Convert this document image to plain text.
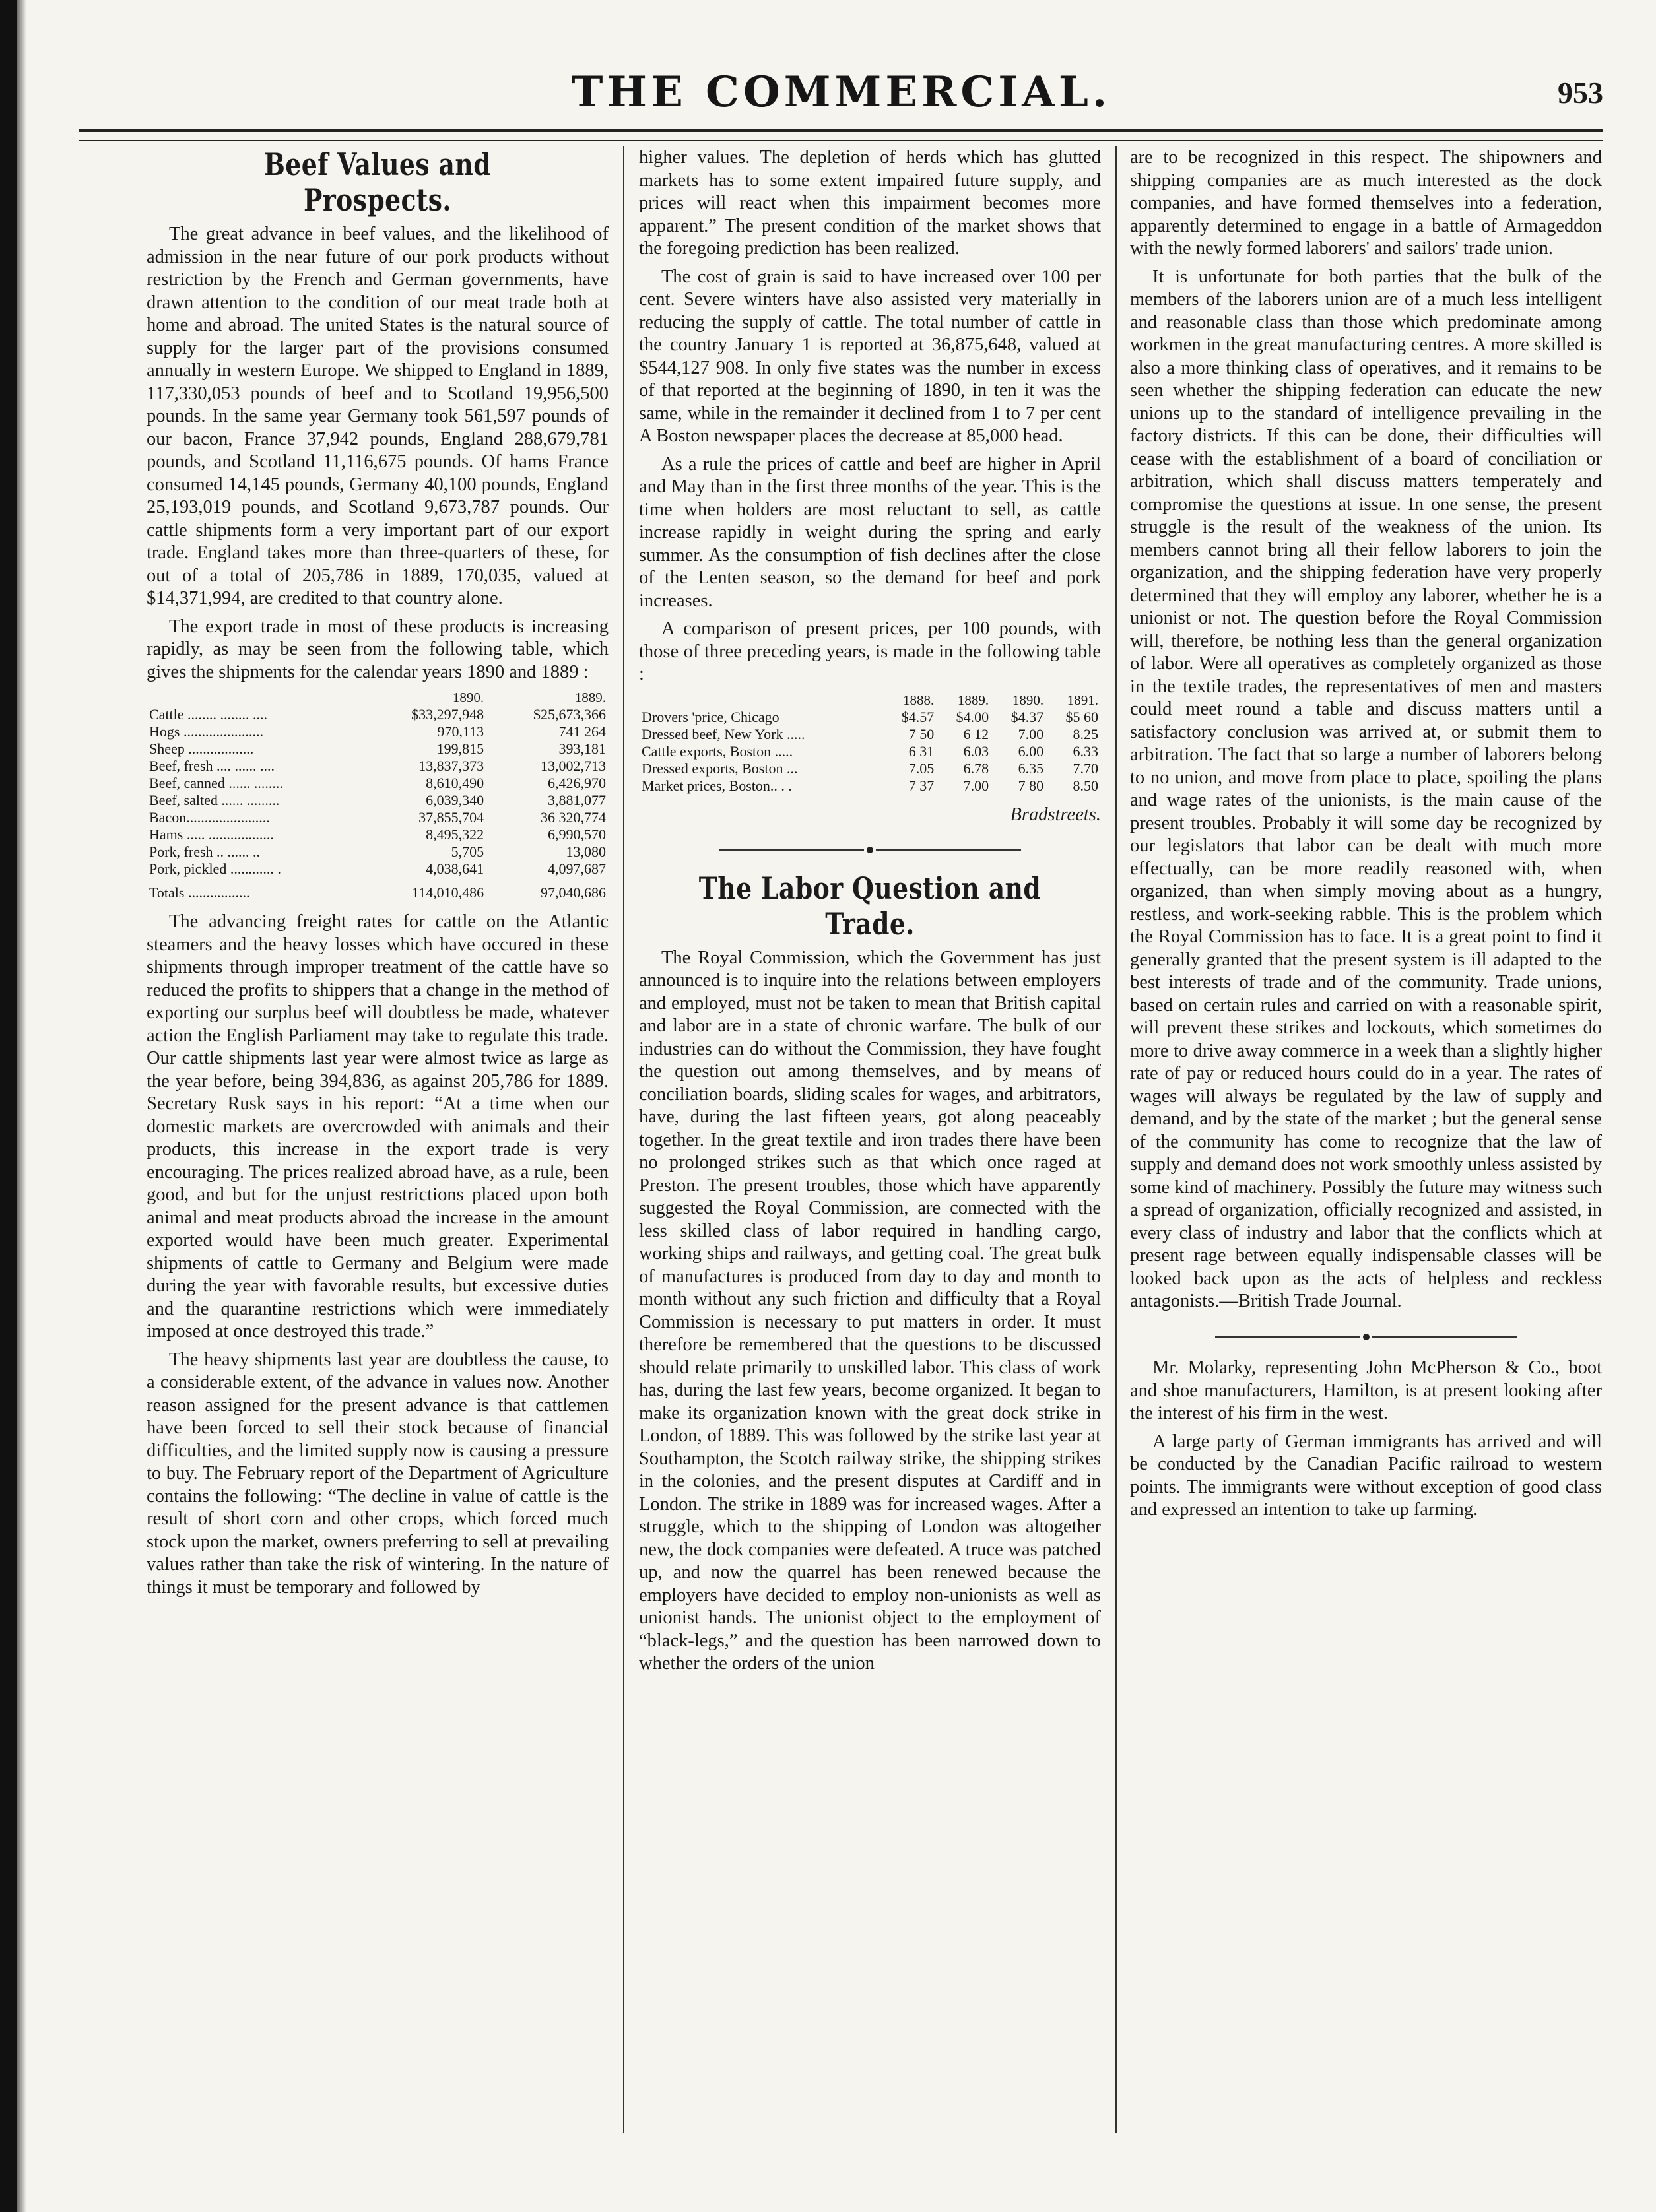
THE COMMERCIAL.	953
Beef Values and Prospects.

The great advance in beef values, and the likelihood of admission in the near future of our pork products without restriction by the French and German governments, have drawn attention to the condition of our meat trade both at home and abroad. The united States is the natural source of supply for the larger part of the provisions consumed annually in western Europe. We shipped to England in 1889, 117,330,053 pounds of beef and to Scotland 19,956,500 pounds. In the same year Germany took 561,597 pounds of our bacon, France 37,942 pounds, England 288,679,781 pounds, and Scotland 11,116,675 pounds. Of hams France consumed 14,145 pounds, Germany 40,100 pounds, England 25,193,019 pounds, and Scotland 9,673,787 pounds. Our cattle shipments form a very important part of our export trade. England takes more than three-quarters of these, for out of a total of 205,786 in 1889, 170,035, valued at $14,371,994, are credited to that country alone.

The export trade in most of these products is increasing rapidly, as may be seen from the following table, which gives the shipments for the calendar years 1890 and 1889 :

	1890.	1889.
Cattle ........ ........ ....	$33,297,948	$25,673,366
Hogs ......................	970,113	741 264
Sheep ..................	199,815	393,181
Beef, fresh .... ...... ....	13,837,373	13,002,713
Beef, canned ...... ........	8,610,490	6,426,970
Beef, salted ...... .........	6,039,340	3,881,077
Bacon.......................	37,855,704	36 320,774
Hams ..... ..................	8,495,322	6,990,570
Pork, fresh .. ...... ..	5,705	13,080
Pork, pickled ............ .	4,038,641	4,097,687
Totals .................	114,010,486	97,040,686

The advancing freight rates for cattle on the Atlantic steamers and the heavy losses which have occured in these shipments through improper treatment of the cattle have so reduced the profits to shippers that a change in the method of exporting our surplus beef will doubtless be made, whatever action the English Parliament may take to regulate this trade. Our cattle shipments last year were almost twice as large as the year before, being 394,836, as against 205,786 for 1889. Secretary Rusk says in his report: “At a time when our domestic markets are overcrowded with animals and their products, this increase in the export trade is very encouraging. The prices realized abroad have, as a rule, been good, and but for the unjust restrictions placed upon both animal and meat products abroad the increase in the amount exported would have been much greater. Experimental shipments of cattle to Germany and Belgium were made during the year with favorable results, but excessive duties and the quarantine restrictions which were immediately imposed at once destroyed this trade.”

The heavy shipments last year are doubtless the cause, to a considerable extent, of the advance in values now. Another reason assigned for the present advance is that cattlemen have been forced to sell their stock because of financial difficulties, and the limited supply now is causing a pressure to buy. The February report of the Department of Agriculture contains the following: “The decline in value of cattle is the result of short corn and other crops, which forced much stock upon the market, owners preferring to sell at prevailing values rather than take the risk of wintering. In the nature of things it must be temporary and followed by

higher values. The depletion of herds which has glutted markets has to some extent impaired future supply, and prices will react when this impairment becomes more apparent.” The present condition of the market shows that the foregoing prediction has been realized.

The cost of grain is said to have increased over 100 per cent. Severe winters have also assisted very materially in reducing the supply of cattle. The total number of cattle in the country January 1 is reported at 36,875,648, valued at $544,127 908. In only five states was the number in excess of that reported at the beginning of 1890, in ten it was the same, while in the remainder it declined from 1 to 7 per cent A Boston newspaper places the decrease at 85,000 head.

As a rule the prices of cattle and beef are higher in April and May than in the first three months of the year. This is the time when holders are most reluctant to sell, as cattle increase rapidly in weight during the spring and early summer. As the consumption of fish declines after the close of the Lenten season, so the demand for beef and pork increases.

A comparison of present prices, per 100 pounds, with those of three preceding years, is made in the following table :

	1888.	1889.	1890.	1891.
Drovers 'price, Chicago	$4.57	$4.00	$4.37	$5 60
Dressed beef, New York .....	7 50	6 12	7.00	8.25
Cattle exports, Boston .....	6 31	6.03	6.00	6.33
Dressed exports, Boston ...	7.05	6.78	6.35	7.70
Market prices, Boston.. . .	7 37	7.00	7 80	8.50
Bradstreets.
The Labor Question and Trade.

The Royal Commission, which the Government has just announced is to inquire into the relations between employers and employed, must not be taken to mean that British capital and labor are in a state of chronic warfare. The bulk of our industries can do without the Commission, they have fought the question out among themselves, and by means of conciliation boards, sliding scales for wages, and arbitrators, have, during the last fifteen years, got along peaceably together. In the great textile and iron trades there have been no prolonged strikes such as that which once raged at Preston. The present troubles, those which have apparently suggested the Royal Commission, are connected with the less skilled class of labor required in handling cargo, working ships and railways, and getting coal. The great bulk of manufactures is produced from day to day and month to month without any such friction and difficulty that a Royal Commission is necessary to put matters in order. It must therefore be remembered that the questions to be discussed should relate primarily to unskilled labor. This class of work has, during the last few years, become organized. It began to make its organization known with the great dock strike in London, of 1889. This was followed by the strike last year at Southampton, the Scotch railway strike, the shipping strikes in the colonies, and the present disputes at Cardiff and in London. The strike in 1889 was for increased wages. After a struggle, which to the shipping of London was altogether new, the dock companies were defeated. A truce was patched up, and now the quarrel has been renewed because the employers have decided to employ non-unionists as well as unionist hands. The unionist object to the employment of “black-legs,” and the question has been narrowed down to whether the orders of the union

are to be recognized in this respect. The shipowners and shipping companies are as much interested as the dock companies, and have formed themselves into a federation, apparently determined to engage in a battle of Armageddon with the newly formed laborers' and sailors' trade union.

It is unfortunate for both parties that the bulk of the members of the laborers union are of a much less intelligent and reasonable class than those which predominate among workmen in the great manufacturing centres. A more skilled is also a more thinking class of operatives, and it remains to be seen whether the shipping federation can educate the new unions up to the standard of intelligence prevailing in the factory districts. If this can be done, their difficulties will cease with the establishment of a board of conciliation or arbitration, which shall discuss matters temperately and compromise the questions at issue. In one sense, the present struggle is the result of the weakness of the union. Its members cannot bring all their fellow laborers to join the organization, and the shipping federation have very properly determined that they will employ any laborer, whether he is a unionist or not. The question before the Royal Commission will, therefore, be nothing less than the general organization of labor. Were all operatives as completely organized as those in the textile trades, the representatives of men and masters could meet round a table and discuss matters until a satisfactory conclusion was arrived at, or submit them to arbitration. The fact that so large a number of laborers belong to no union, and move from place to place, spoiling the plans and wage rates of the unionists, is the main cause of the present troubles. Probably it will some day be recognized by our legislators that labor can be dealt with much more effectually, can be more readily reasoned with, when organized, than when simply moving about as a hungry, restless, and work-seeking rabble. This is the problem which the Royal Commission has to face. It is a great point to find it generally granted that the present system is ill adapted to the best interests of trade and of the community. Trade unions, based on certain rules and carried on with a reasonable spirit, will prevent these strikes and lockouts, which sometimes do more to drive away commerce in a week than a slightly higher rate of pay or reduced hours could do in a year. The rates of wages will always be regulated by the law of supply and demand, and by the state of the market ; but the general sense of the community has come to recognize that the law of supply and demand does not work smoothly unless assisted by some kind of machinery. Possibly the future may witness such a spread of organization, officially recognized and assisted, in every class of industry and labor that the conflicts which at present rage between equally indispensable classes will be looked back upon as the acts of helpless and reckless antagonists.—British Trade Journal.

Mr. Molarky, representing John McPherson & Co., boot and shoe manufacturers, Hamilton, is at present looking after the interest of his firm in the west.

A large party of German immigrants has arrived and will be conducted by the Canadian Pacific railroad to western points. The immigrants were without exception of good class and expressed an intention to take up farming.
